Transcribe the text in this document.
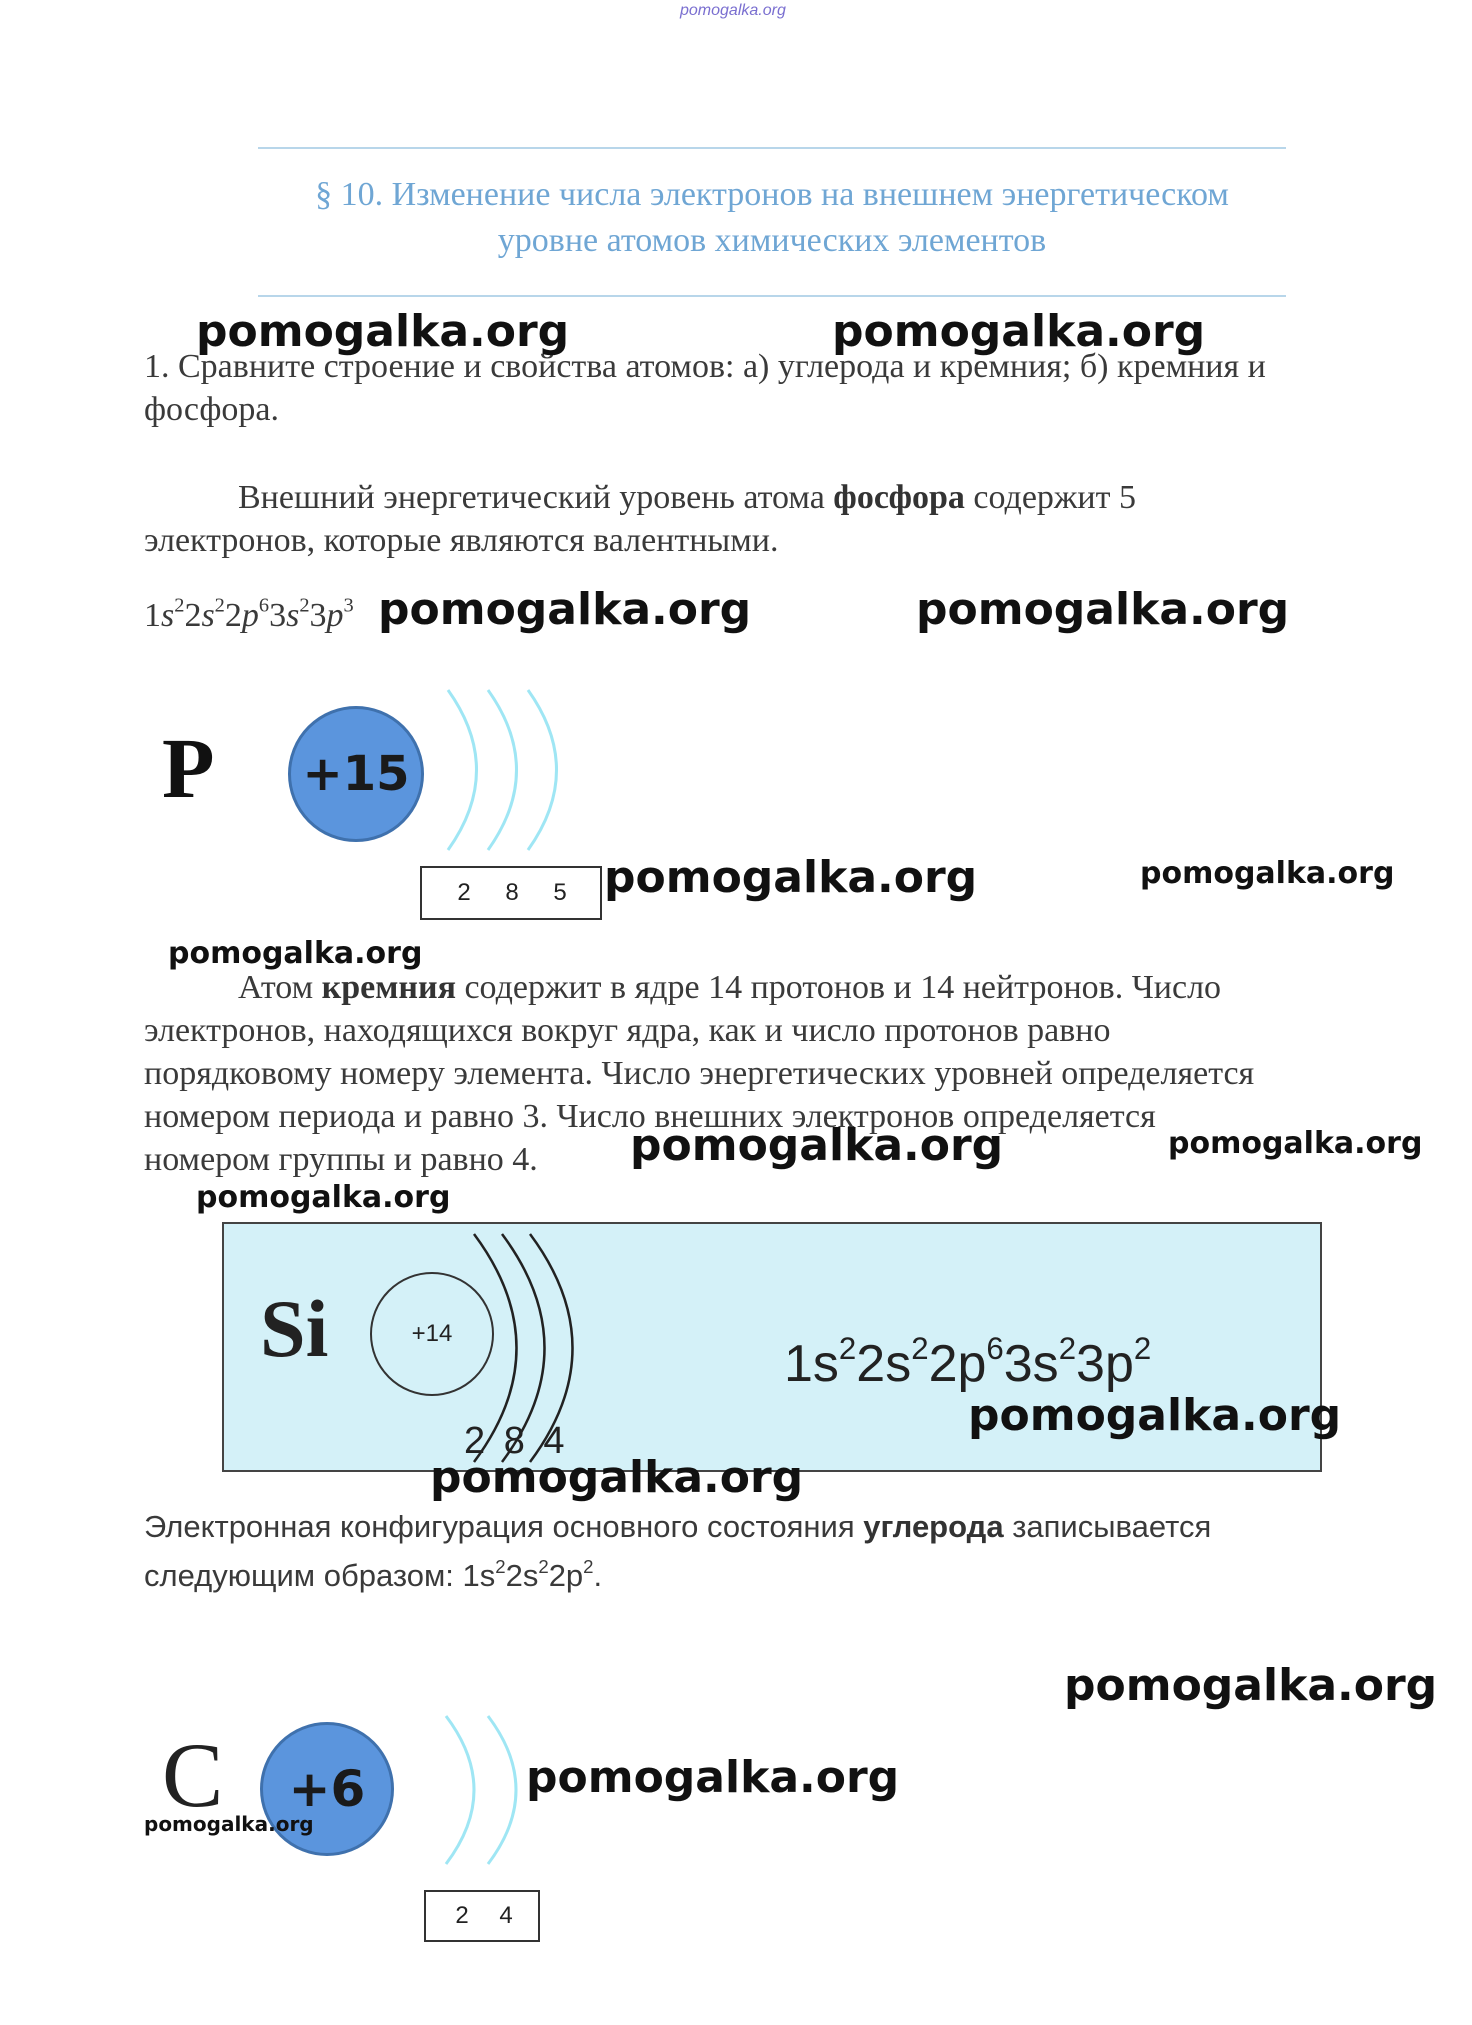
pomogalka.org
§ 10. Изменение числа электронов на внешнем энергетическом
уровне атомов химических элементов
1. Сравните строение и свойства атомов: а) углерода и кремния; б) кремния и
фосфора.
Внешний энергетический уровень атома фосфора содержит 5
электронов, которые являются валентными.
$1s^22s^22p^63s^23p^3$
P +15
2	8	5
Атом кремния содержит в ядре 14 протонов и 14 нейтронов. Число
электронов, находящихся вокруг ядра, как и число протонов равно
порядковому номеру элемента. Число энергетических уровней определяется
номером периода и равно 3. Число внешних электронов определяется
номером группы и равно 4.
Si	+14
2 8 4
$1s^22s^22p^63s^23p^2$
Электронная конфигурация основного состояния углерода записывается
следующим образом: $1s^22s^22p^2$.
C +6
2	4
pomogalka.org	pomogalka.org
pomogalka.org	pomogalka.org
pomogalka.org	pomogalka.org
pomogalka.org
pomogalka.org	pomogalka.org
pomogalka.org
pomogalka.org
pomogalka.org
pomogalka.org
pomogalka.org
pomogalka.org
